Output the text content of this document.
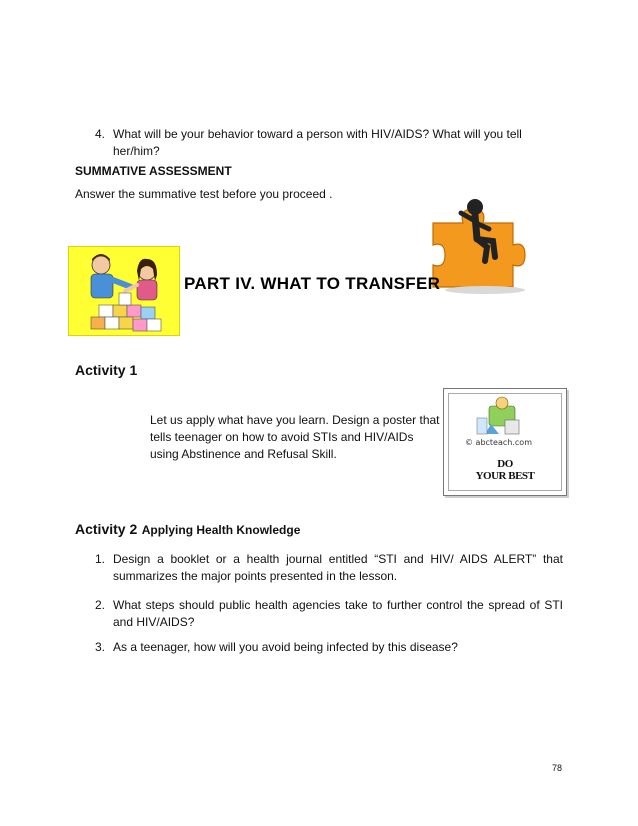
4. What will be your behavior toward a person with HIV/AIDS? What will you tell her/him?
SUMMATIVE ASSESSMENT
Answer the summative test before you proceed .
PART IV. WHAT TO TRANSFER
Activity 1
Let us apply what have you learn. Design a poster that tells teenager on how to avoid STIs and HIV/AIDs using Abstinence and Refusal Skill.
© abcteach.com
DO
YOUR BEST
Activity 2 Applying Health Knowledge
1. Design a booklet or a health journal entitled “STI and HIV/ AIDS ALERT” that summarizes the major points presented in the lesson.
2. What steps should public health agencies take to further control the spread of STI and HIV/AIDS?
3. As a teenager, how will you avoid being infected by this disease?
78
